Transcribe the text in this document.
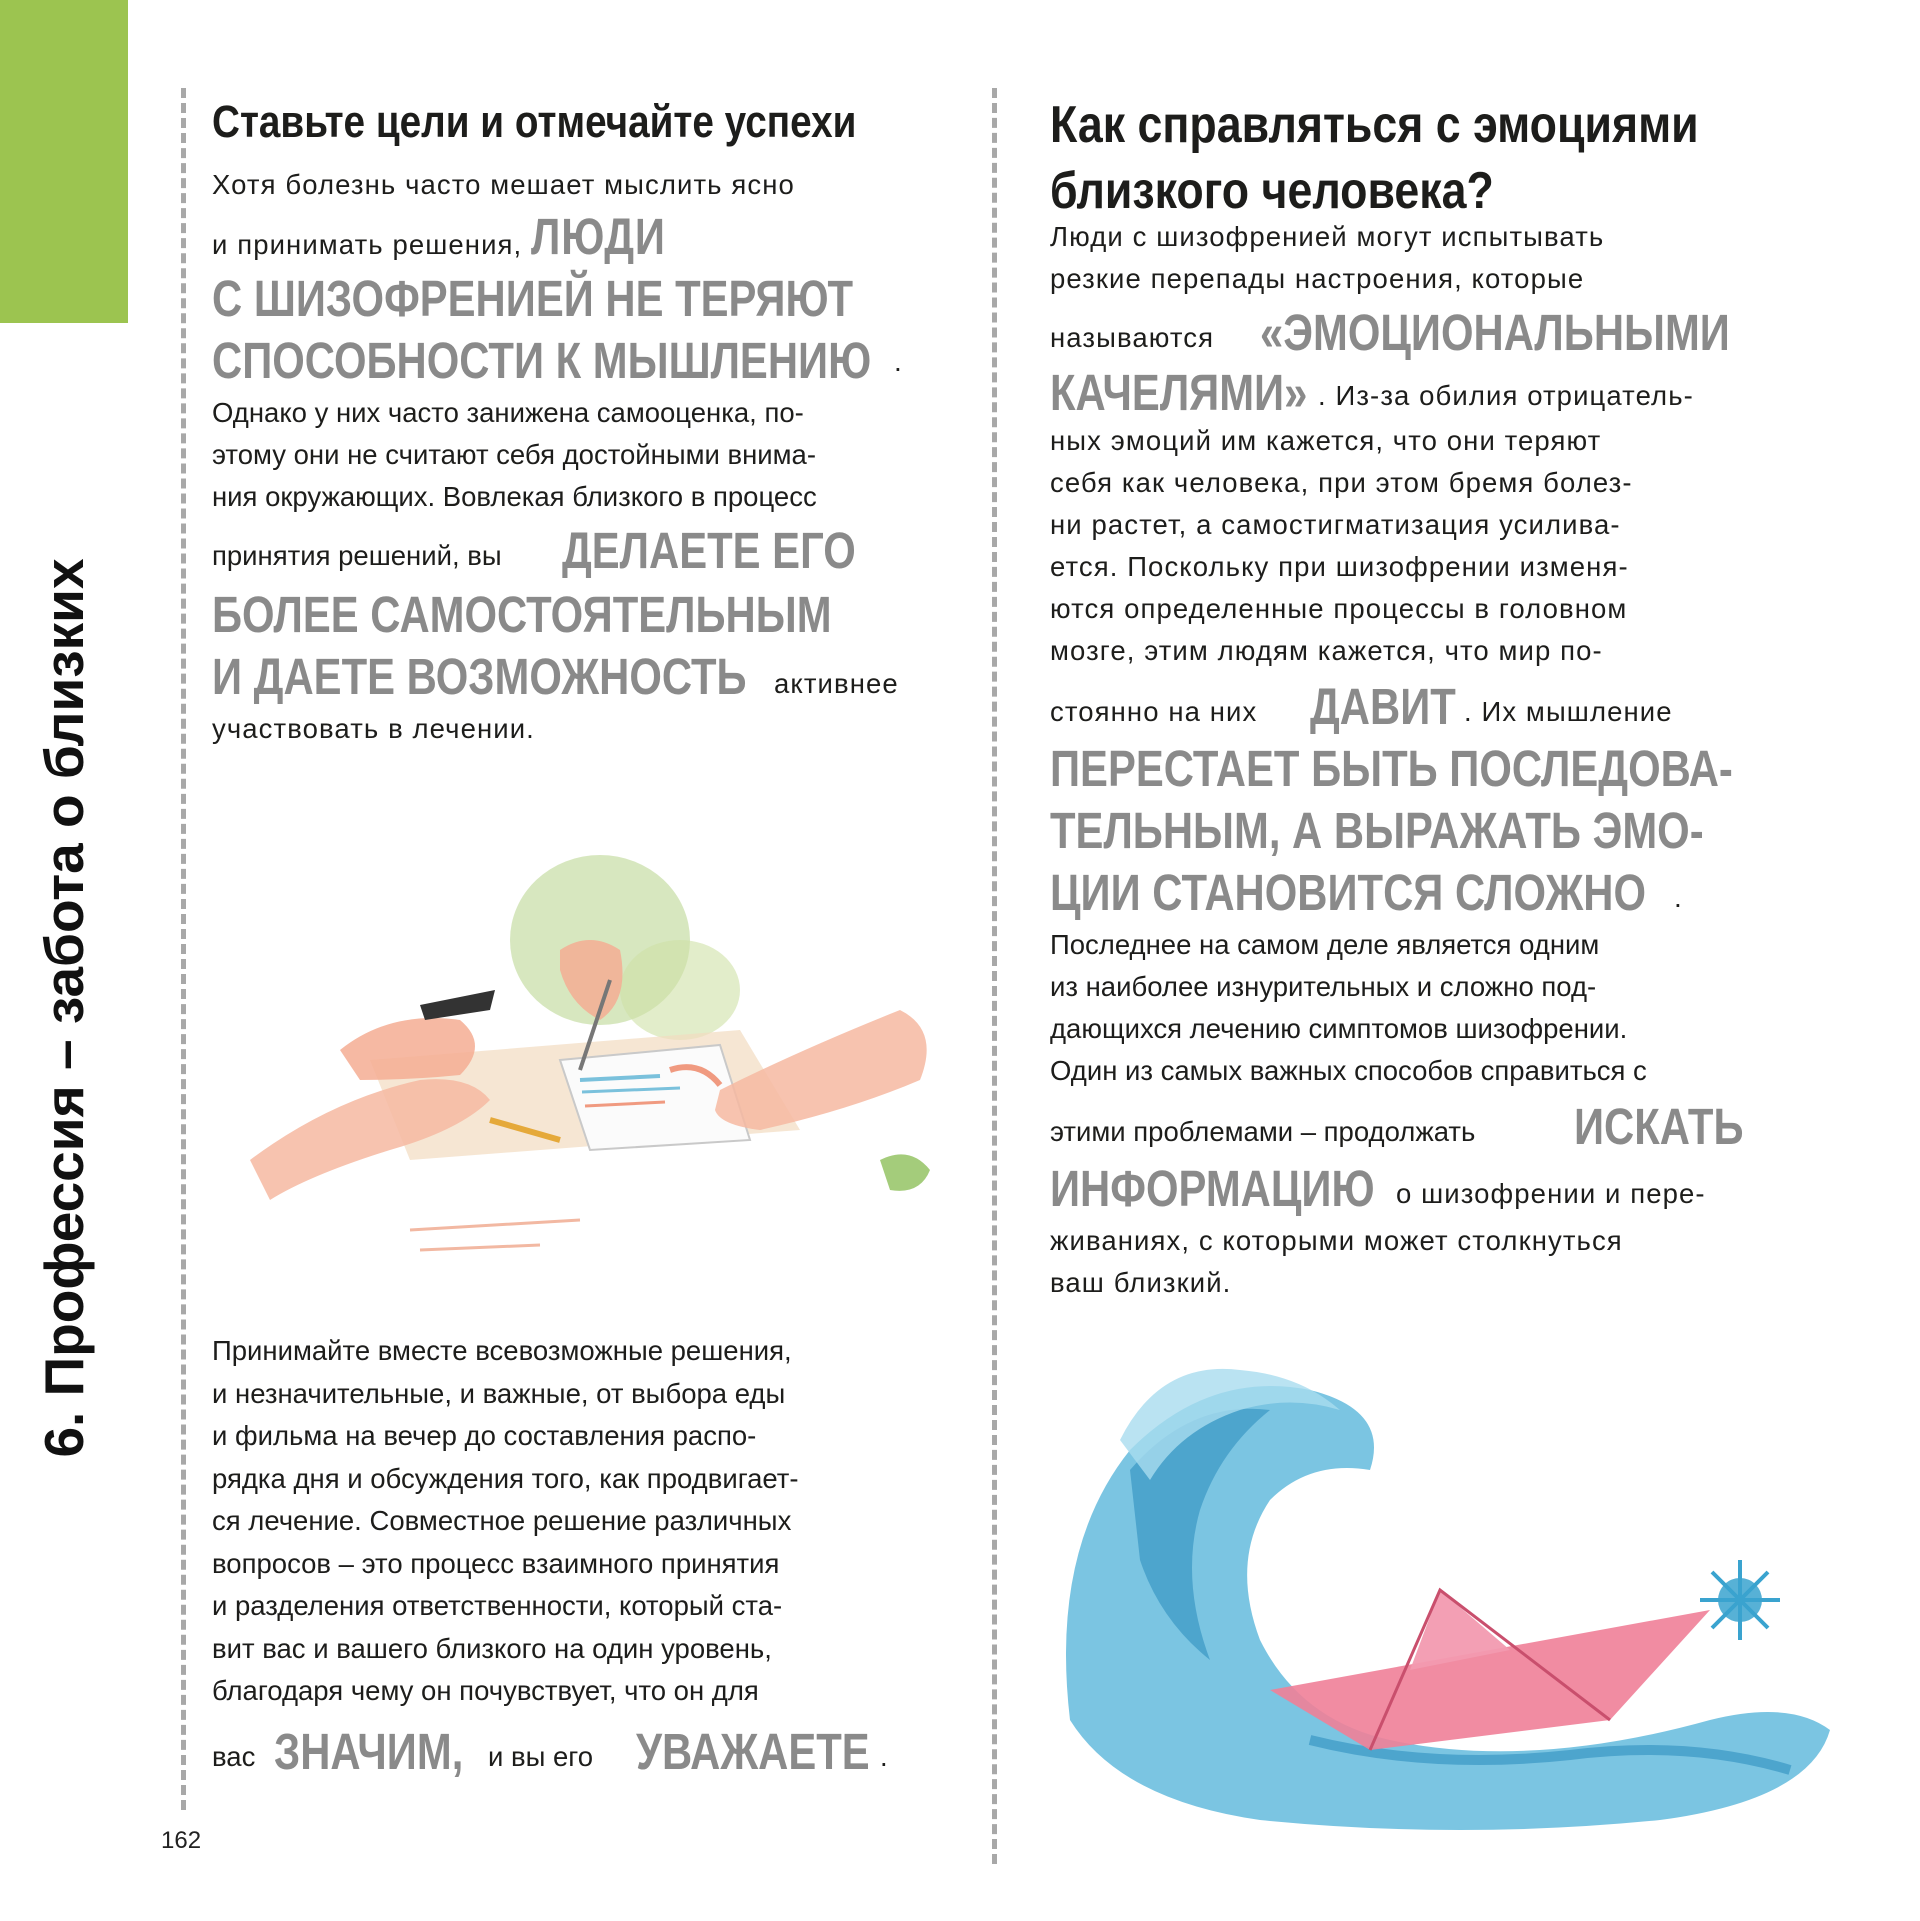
6. Профессия – забота о близких
Ставьте цели и отмечайте успехи

Хотя болезнь часто мешает мыслить ясно
и принимать решения, ЛЮДИ

С ШИЗОФРЕНИЕЙ НЕ ТЕРЯЮТ
СПОСОБНОСТИ К МЫШЛЕНИЮ .

Однако у них часто занижена самооценка, по-
этому они не считают себя достойными внима-
ния окружающих. Вовлекая близкого в процесс

принятия решений, вы ДЕЛАЕТЕ ЕГО
БОЛЕЕ САМОСТОЯТЕЛЬНЫМ
И ДАЕТЕ ВОЗМОЖНОСТЬ активнее

участвовать в лечении.

Принимайте вместе всевозможные решения,
и незначительные, и важные, от выбора еды
и фильма на вечер до составления распо-
рядка дня и обсуждения того, как продвигает-
ся лечение. Совместное решение различных
вопросов – это процесс взаимного принятия
и разделения ответственности, который ста-
вит вас и вашего близкого на один уровень,
благодаря чему он почувствует, что он для

вас ЗНАЧИМ, и вы его УВАЖАЕТЕ .
Как справляться с эмоциями
близкого человека?

Люди с шизофренией могут испытывать
резкие перепады настроения, которые

называются «ЭМОЦИОНАЛЬНЫМИ
КАЧЕЛЯМИ» . Из-за обилия отрицатель-

ных эмоций им кажется, что они теряют
себя как человека, при этом бремя болез-
ни растет, а самостигматизация усилива-
ется. Поскольку при шизофрении изменя-
ются определенные процессы в головном
мозге, этим людям кажется, что мир по-

стоянно на них ДАВИТ . Их мышление
ПЕРЕСТАЕТ БЫТЬ ПОСЛЕДОВА-
ТЕЛЬНЫМ, А ВЫРАЖАТЬ ЭМО-
ЦИИ СТАНОВИТСЯ СЛОЖНО .

Последнее на самом деле является одним
из наиболее изнурительных и сложно под-
дающихся лечению симптомов шизофрении.
Один из самых важных способов справиться с

этими проблемами – продолжать ИСКАТЬ
ИНФОРМАЦИЮ о шизофрении и пере-

живаниях, с которыми может столкнуться
ваш близкий.

162
